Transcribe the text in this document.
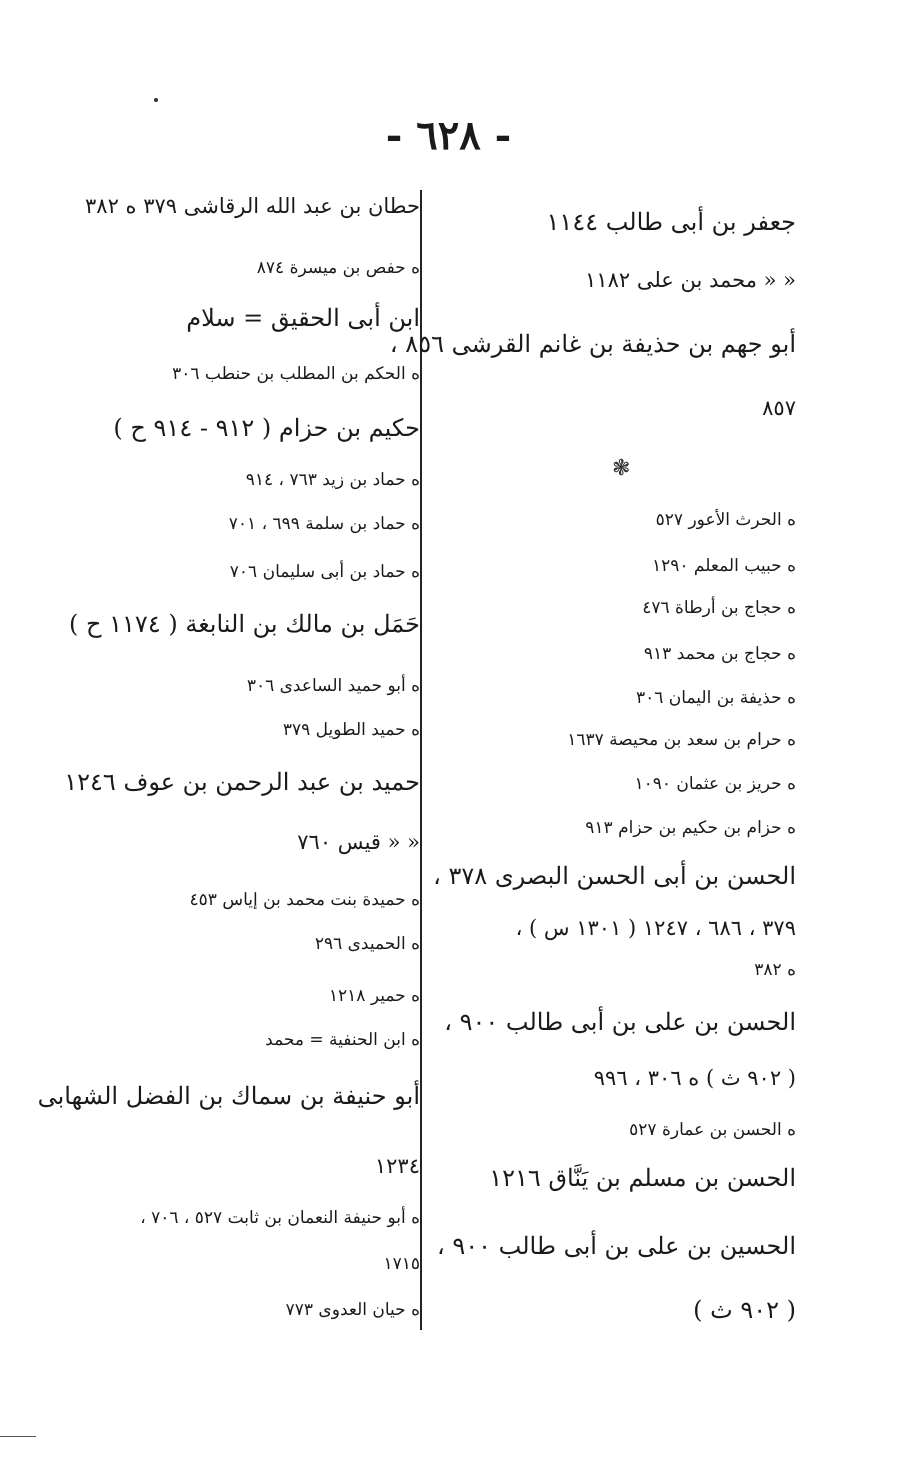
- ٦٢٨ -
❃
جعفر بن أبى طالب ١١٤٤
« « محمد بن على ١١٨٢
أبو جهم بن حذيفة بن غانم القرشى ٨٥٦ ،
٨٥٧
ه الحرث الأعور ٥٢٧
ه حبيب المعلم ١٢٩٠
ه حجاج بن أرطاة ٤٧٦
ه حجاج بن محمد ٩١٣
ه حذيفة بن اليمان ٣٠٦
ه حرام بن سعد بن محيصة ١٦٣٧
ه حريز بن عثمان ١٠٩٠
ه حزام بن حكيم بن حزام ٩١٣
الحسن بن أبى الحسن البصرى ٣٧٨ ،
٣٧٩ ، ٦٨٦ ، ١٢٤٧ ( ١٣٠١ س ) ،
ه ٣٨٢
الحسن بن على بن أبى طالب ٩٠٠ ،
( ٩٠٢ ث ) ه ٣٠٦ ، ٩٩٦
ه الحسن بن عمارة ٥٢٧
الحسن بن مسلم بن يَنَّاق ١٢١٦
الحسين بن على بن أبى طالب ٩٠٠ ،
( ٩٠٢ ث )
حطان بن عبد الله الرقاشى ٣٧٩ ه ٣٨٢
ه حفص بن ميسرة ٨٧٤
ابن أبى الحقيق = سلام
ه الحكم بن المطلب بن حنطب ٣٠٦
حكيم بن حزام ( ٩١٢ - ٩١٤ ح )
ه حماد بن زيد ٧٦٣ ، ٩١٤
ه حماد بن سلمة ٦٩٩ ، ٧٠١
ه حماد بن أبى سليمان ٧٠٦
حَمَل بن مالك بن النابغة ( ١١٧٤ ح )
ه أبو حميد الساعدى ٣٠٦
ه حميد الطويل ٣٧٩
حميد بن عبد الرحمن بن عوف ١٢٤٦
« « قيس ٧٦٠
ه حميدة بنت محمد بن إياس ٤٥٣
ه الحميدى ٢٩٦
ه حمير ١٢١٨
ه ابن الحنفية = محمد
أبو حنيفة بن سماك بن الفضل الشهابى
١٢٣٤
ه أبو حنيفة النعمان بن ثابت ٥٢٧ ، ٧٠٦ ،
١٧١٥
ه حيان العدوى ٧٧٣
